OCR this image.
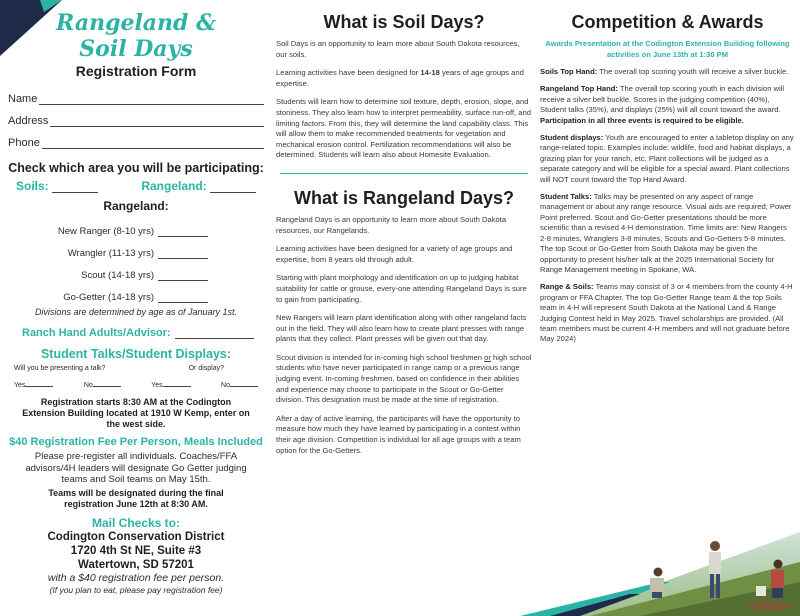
Rangeland &
Soil Days
Registration Form
Name
Address
Phone
Check which area you will be participating:
Soils:	Rangeland:
Rangeland:
New Ranger (8-10 yrs)
Wrangler (11-13 yrs)
Scout (14-18 yrs)
Go-Getter (14-18 yrs)
Divisions are determined by age as of January 1st.
Ranch Hand Adults/Advisor:
Student Talks/Student Displays:
Will you be presenting a talk?	Or display?
Yes	No	Yes	No
Registration starts 8:30 AM at the Codington Extension Building located at 1910 W Kemp, enter on the west side.
$40 Registration Fee Per Person, Meals Included
Please pre-register all individuals. Coaches/FFA advisors/4H leaders will designate Go Getter judging teams and Soil teams on May 15th.
Teams will be designated during the final registration June 12th at 8:30 AM.
Mail Checks to:
Codington Conservation District
1720 4th St NE, Suite #3
Watertown, SD 57201
with a $40 registration fee per person.
(If you plan to eat, please pay registration fee)
What is Soil Days?
Soil Days is an opportunity to learn more about South Dakota resources, our soils.
Learning activities have been designed for 14-18 years of age groups and expertise.
Students will learn how to determine soil texture, depth, erosion, slope, and stoniness. They also learn how to interpret permeability, surface run-off, and limiting factors. From this, they will determine the land capability class. This will allow them to make recommended treatments for vegetation and mechanical erosion control. Fertilization recommendations will also be determined. Students will learn also about Homesite Evaluation.
What is Rangeland Days?
Rangeland Days is an opportunity to learn more about South Dakota resources, our Rangelands.
Learning activities have been designed for a variety of age groups and expertise, from 8 years old through adult.
Starting with plant morphology and identification on up to judging habitat suitability for cattle or grouse, every-one attending Rangeland Days is sure to gain from participating.
New Rangers will learn plant identification along with other rangeland facts out in the field. They will also learn how to create plant presses with range plants that they collect. Plant presses will be given out that day.
Scout division is intended for in-coming high school freshmen or high school students who have never participated in range camp or a previous range judging event. In-coming freshmen, based on confidence in their abilities and experience may choose to participate in the Scout or Go-Getter division. This designation must be made at the time of registration.
After a day of active learning, the participants will have the opportunity to measure how much they have learned by participating in a contest within their age division. Competition is individual for all age groups with a team option for the Go-Getters.
Competition & Awards
Awards Presentation at the Codington Extension Building following activities on June 13th at 1:30 PM
Soils Top Hand: The overall top scoring youth will receive a silver buckle.
Rangeland Top Hand: The overall top scoring youth in each division will receive a silver belt buckle. Scores in the judging competition (40%), Student talks (35%), and displays (25%) will all count toward the award. Participation in all three events is required to be eligible.
Student displays: Youth are encouraged to enter a tabletop display on any range-related topic. Examples include: wildlife, food and habitat displays, a grazing plan for your ranch, etc. Plant collections will be judged as a separate category and will be eligible for a special award. Plant collections will NOT count toward the Top Hand Award.
Student Talks: Talks may be presented on any aspect of range management or about any range resource. Visual aids are required; Power Point preferred. Scout and Go-Getter presentations should be more scientific than a revised 4-H demonstration. Time limits are: New Rangers 2-8 minutes, Wranglers 3-8 minutes, Scouts and Go-Getters 5-8 minutes. The top Scout or Go-Getter from South Dakota may be given the opportunity to present his/her talk at the 2025 International Society for Range Management meeting in Spokane, WA.
Range & Soils: Teams may consist of 3 or 4 members from the county 4-H program or FFA Chapter. The top Go-Getter Range team & the top Soils team in 4-H will represent South Dakota at the National Land & Range Judging Contest held in May 2025. Travel scholarships are provided. (All team members must be current 4-H members and will not graduate before May 2024)
